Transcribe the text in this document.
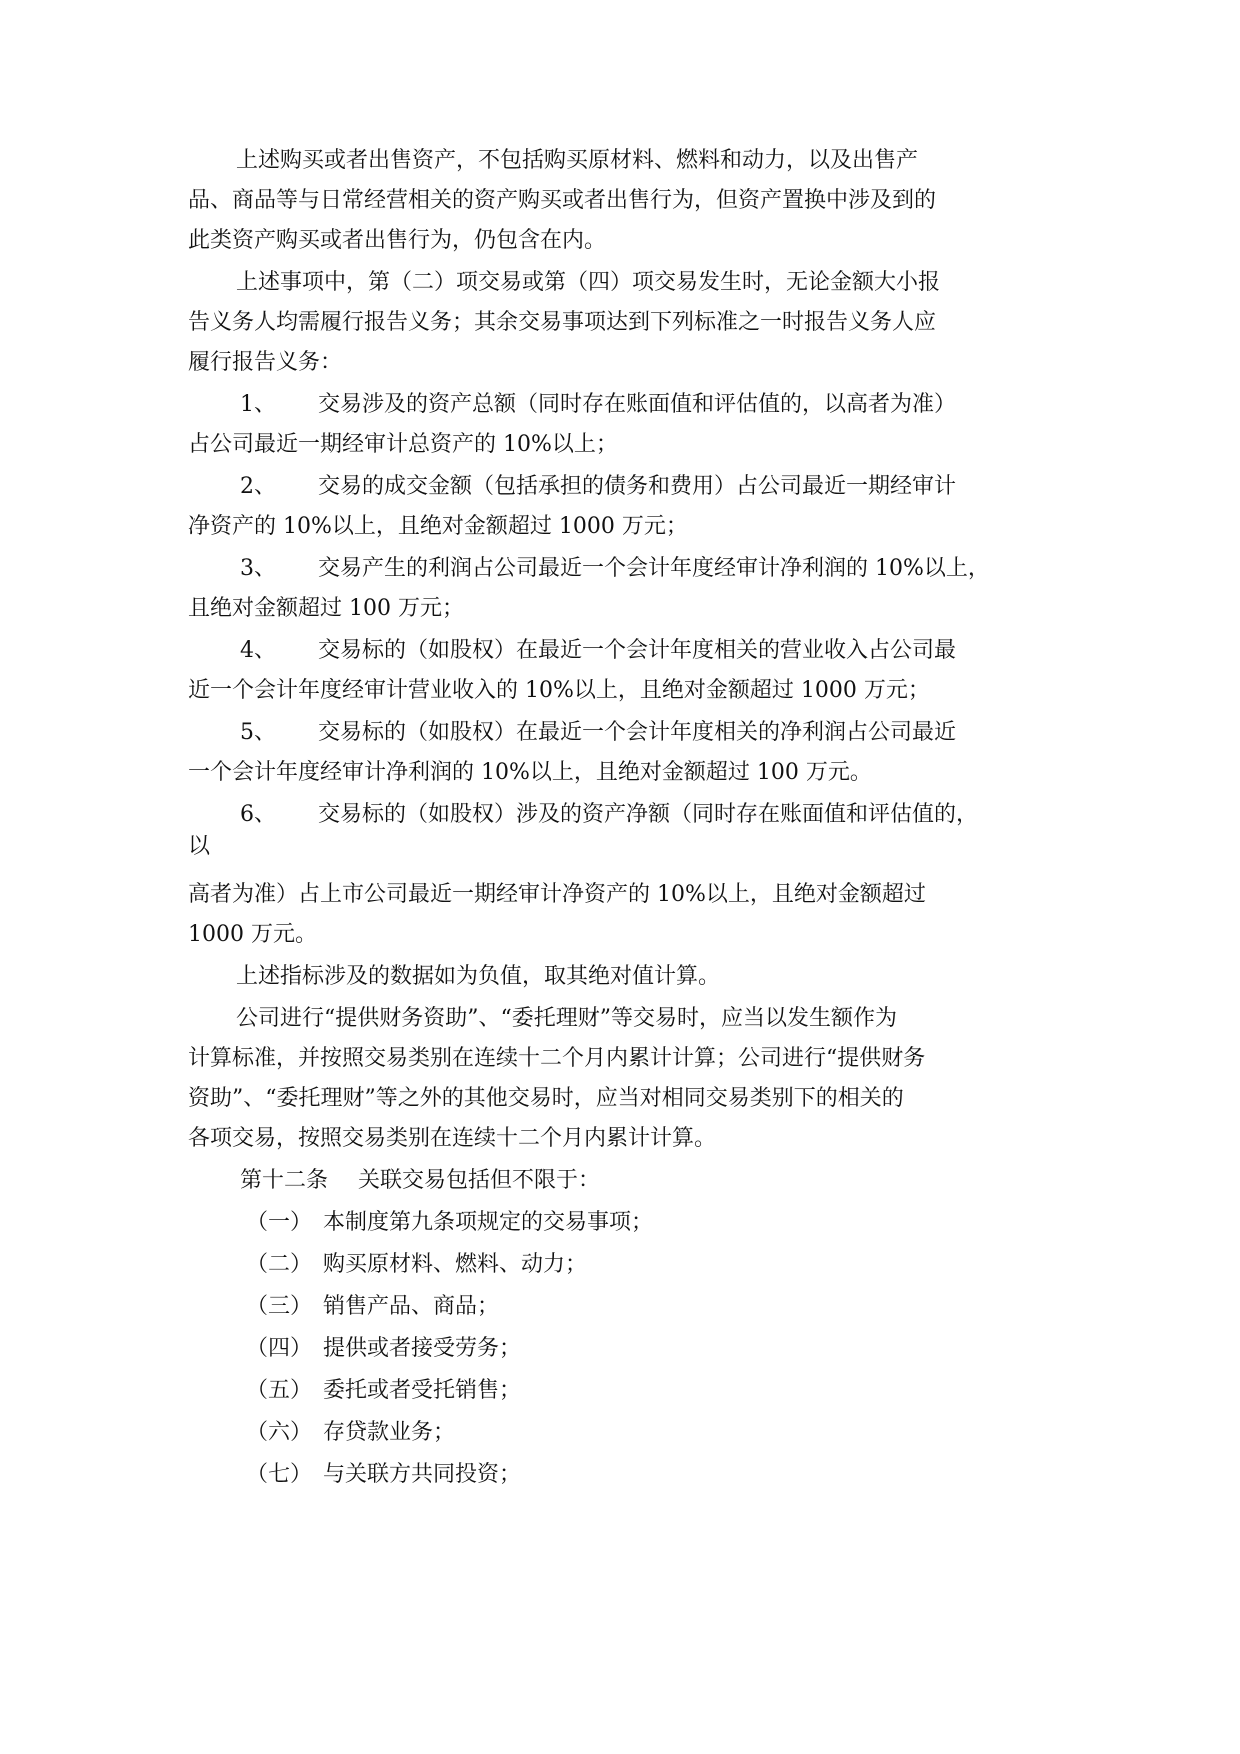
上述购买或者出售资产，不包括购买原材料、燃料和动力，以及出售产
品、商品等与日常经营相关的资产购买或者出售行为，但资产置换中涉及到的
此类资产购买或者出售行为，仍包含在内。
上述事项中，第（二）项交易或第（四）项交易发生时，无论金额大小报
告义务人均需履行报告义务；其余交易事项达到下列标准之一时报告义务人应
履行报告义务：
1、 交易涉及的资产总额（同时存在账面值和评估值的，以高者为准）
占公司最近一期经审计总资产的 10%以上；
2、 交易的成交金额（包括承担的债务和费用）占公司最近一期经审计
净资产的 10%以上，且绝对金额超过 1000 万元；
3、 交易产生的利润占公司最近一个会计年度经审计净利润的 10%以上，
且绝对金额超过 100 万元；
4、 交易标的（如股权）在最近一个会计年度相关的营业收入占公司最
近一个会计年度经审计营业收入的 10%以上，且绝对金额超过 1000 万元；
5、 交易标的（如股权）在最近一个会计年度相关的净利润占公司最近
一个会计年度经审计净利润的 10%以上，且绝对金额超过 100 万元。
6、 交易标的（如股权）涉及的资产净额（同时存在账面值和评估值的，
以
高者为准）占上市公司最近一期经审计净资产的 10%以上，且绝对金额超过
1000 万元。
上述指标涉及的数据如为负值，取其绝对值计算。
公司进行“提供财务资助”、“委托理财”等交易时，应当以发生额作为
计算标准，并按照交易类别在连续十二个月内累计计算；公司进行“提供财务
资助”、“委托理财”等之外的其他交易时，应当对相同交易类别下的相关的
各项交易，按照交易类别在连续十二个月内累计计算。
第十二条 关联交易包括但不限于：
（一） 本制度第九条项规定的交易事项；
（二） 购买原材料、燃料、动力；
（三） 销售产品、商品；
（四） 提供或者接受劳务；
（五） 委托或者受托销售；
（六） 存贷款业务；
（七） 与关联方共同投资；
